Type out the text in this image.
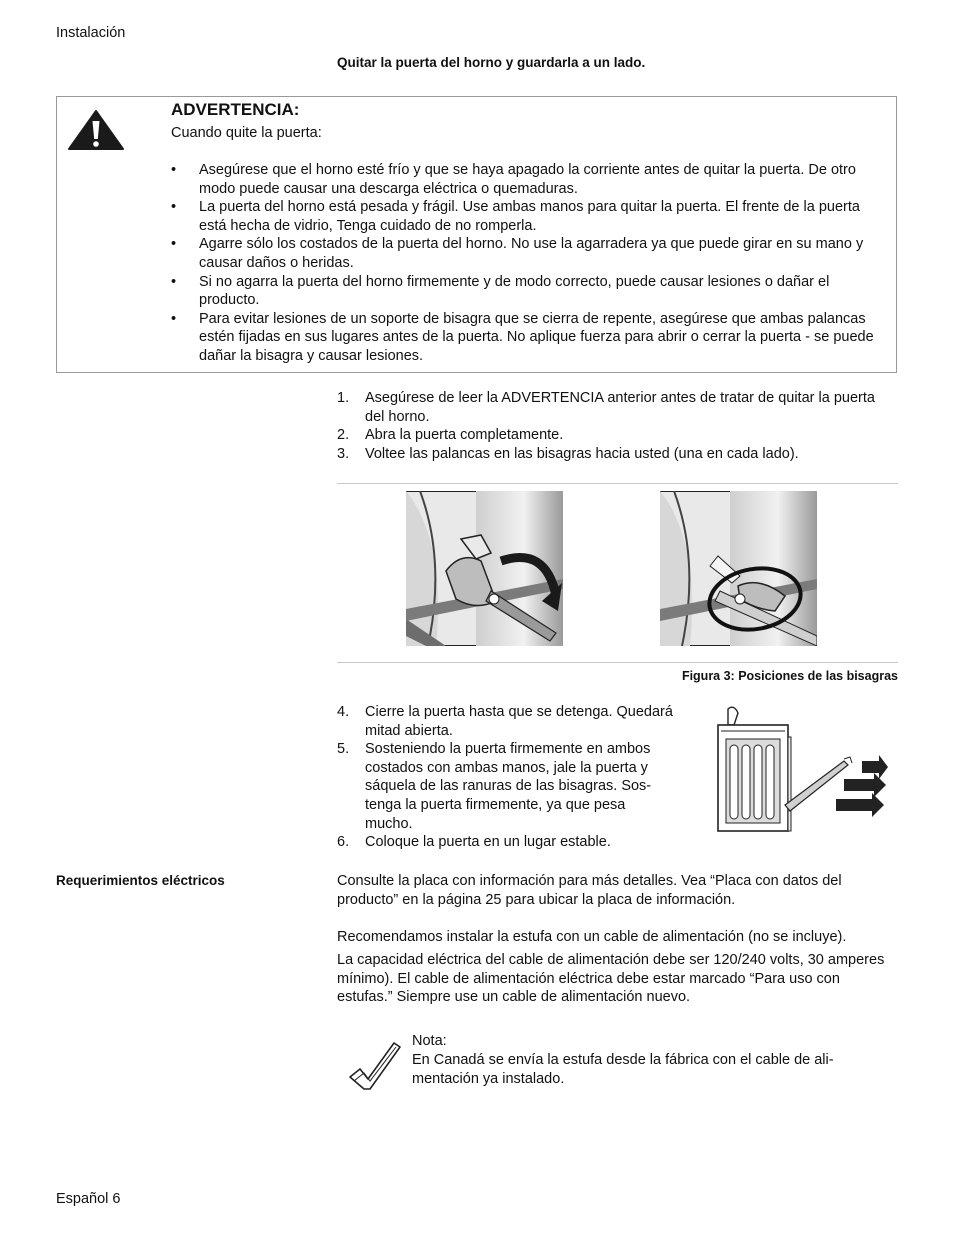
Instalación
Quitar la puerta del horno y guardarla a un lado.
ADVERTENCIA:
Cuando quite la puerta:
• Asegúrese que el horno esté frío y que se haya apagado la corriente antes de quitar la puerta. De otro modo puede causar una descarga eléctrica o quemaduras.
• La puerta del horno está pesada y frágil. Use ambas manos para quitar la puerta. El frente de la puerta está hecha de vidrio, Tenga cuidado de no romperla.
• Agarre sólo los costados de la puerta del horno. No use la agarradera ya que puede girar en su mano y causar daños o heridas.
• Si no agarra la puerta del horno firmemente y de modo correcto, puede causar lesiones o dañar el producto.
• Para evitar lesiones de un soporte de bisagra que se cierra de repente, asegúrese que ambas palancas estén fijadas en sus lugares antes de la puerta. No aplique fuerza para abrir o cerrar la puerta - se puede dañar la bisagra y causar lesiones.
1. Asegúrese de leer la ADVERTENCIA anterior antes de tratar de quitar la puerta del horno.
2. Abra la puerta completamente.
3. Voltee las palancas en las bisagras hacia usted (una en cada lado).
Figura 3: Posiciones de las bisagras
4. Cierre la puerta hasta que se detenga. Quedará mitad abierta.
5. Sosteniendo la puerta firmemente en ambos costados con ambas manos, jale la puerta y sáquela de las ranuras de las bisagras. Sos- tenga la puerta firmemente, ya que pesa mucho.
6. Coloque la puerta en un lugar estable.
Requerimientos eléctricos	Consulte la placa con información para más detalles. Vea “Placa con datos del producto” en la página 25 para ubicar la placa de información.
Recomendamos instalar la estufa con un cable de alimentación (no se incluye).
La capacidad eléctrica del cable de alimentación debe ser 120/240 volts, 30 amperes mínimo). El cable de alimentación eléctrica debe estar marcado “Para uso con estufas.” Siempre use un cable de alimentación nuevo.
Nota:
En Canadá se envía la estufa desde la fábrica con el cable de ali- mentación ya instalado.
Español 6
